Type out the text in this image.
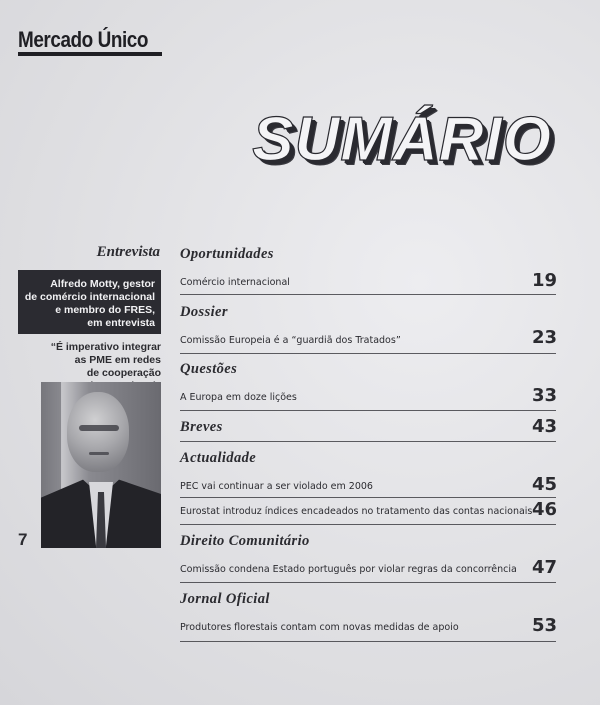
Mercado Único
SUMÁRIO
Entrevista
Alfredo Motty, gestor
de comércio internacional
e membro do FRES,
em entrevista
“É imperativo integrar
as PME em redes
de cooperação
7
Oportunidades
Comércio internacional	19
Dossier
Comissão Europeia é a “guardiã dos Tratados”	23
Questões
A Europa em doze lições	33
Breves	43
Actualidade
PEC vai continuar a ser violado em 2006	45
Eurostat introduz índices encadeados no tratamento das contas nacionais 46
Direito Comunitário
Comissão condena Estado português por violar regras da concorrência 47
Jornal Oficial
Produtores florestais contam com novas medidas de apoio	53
